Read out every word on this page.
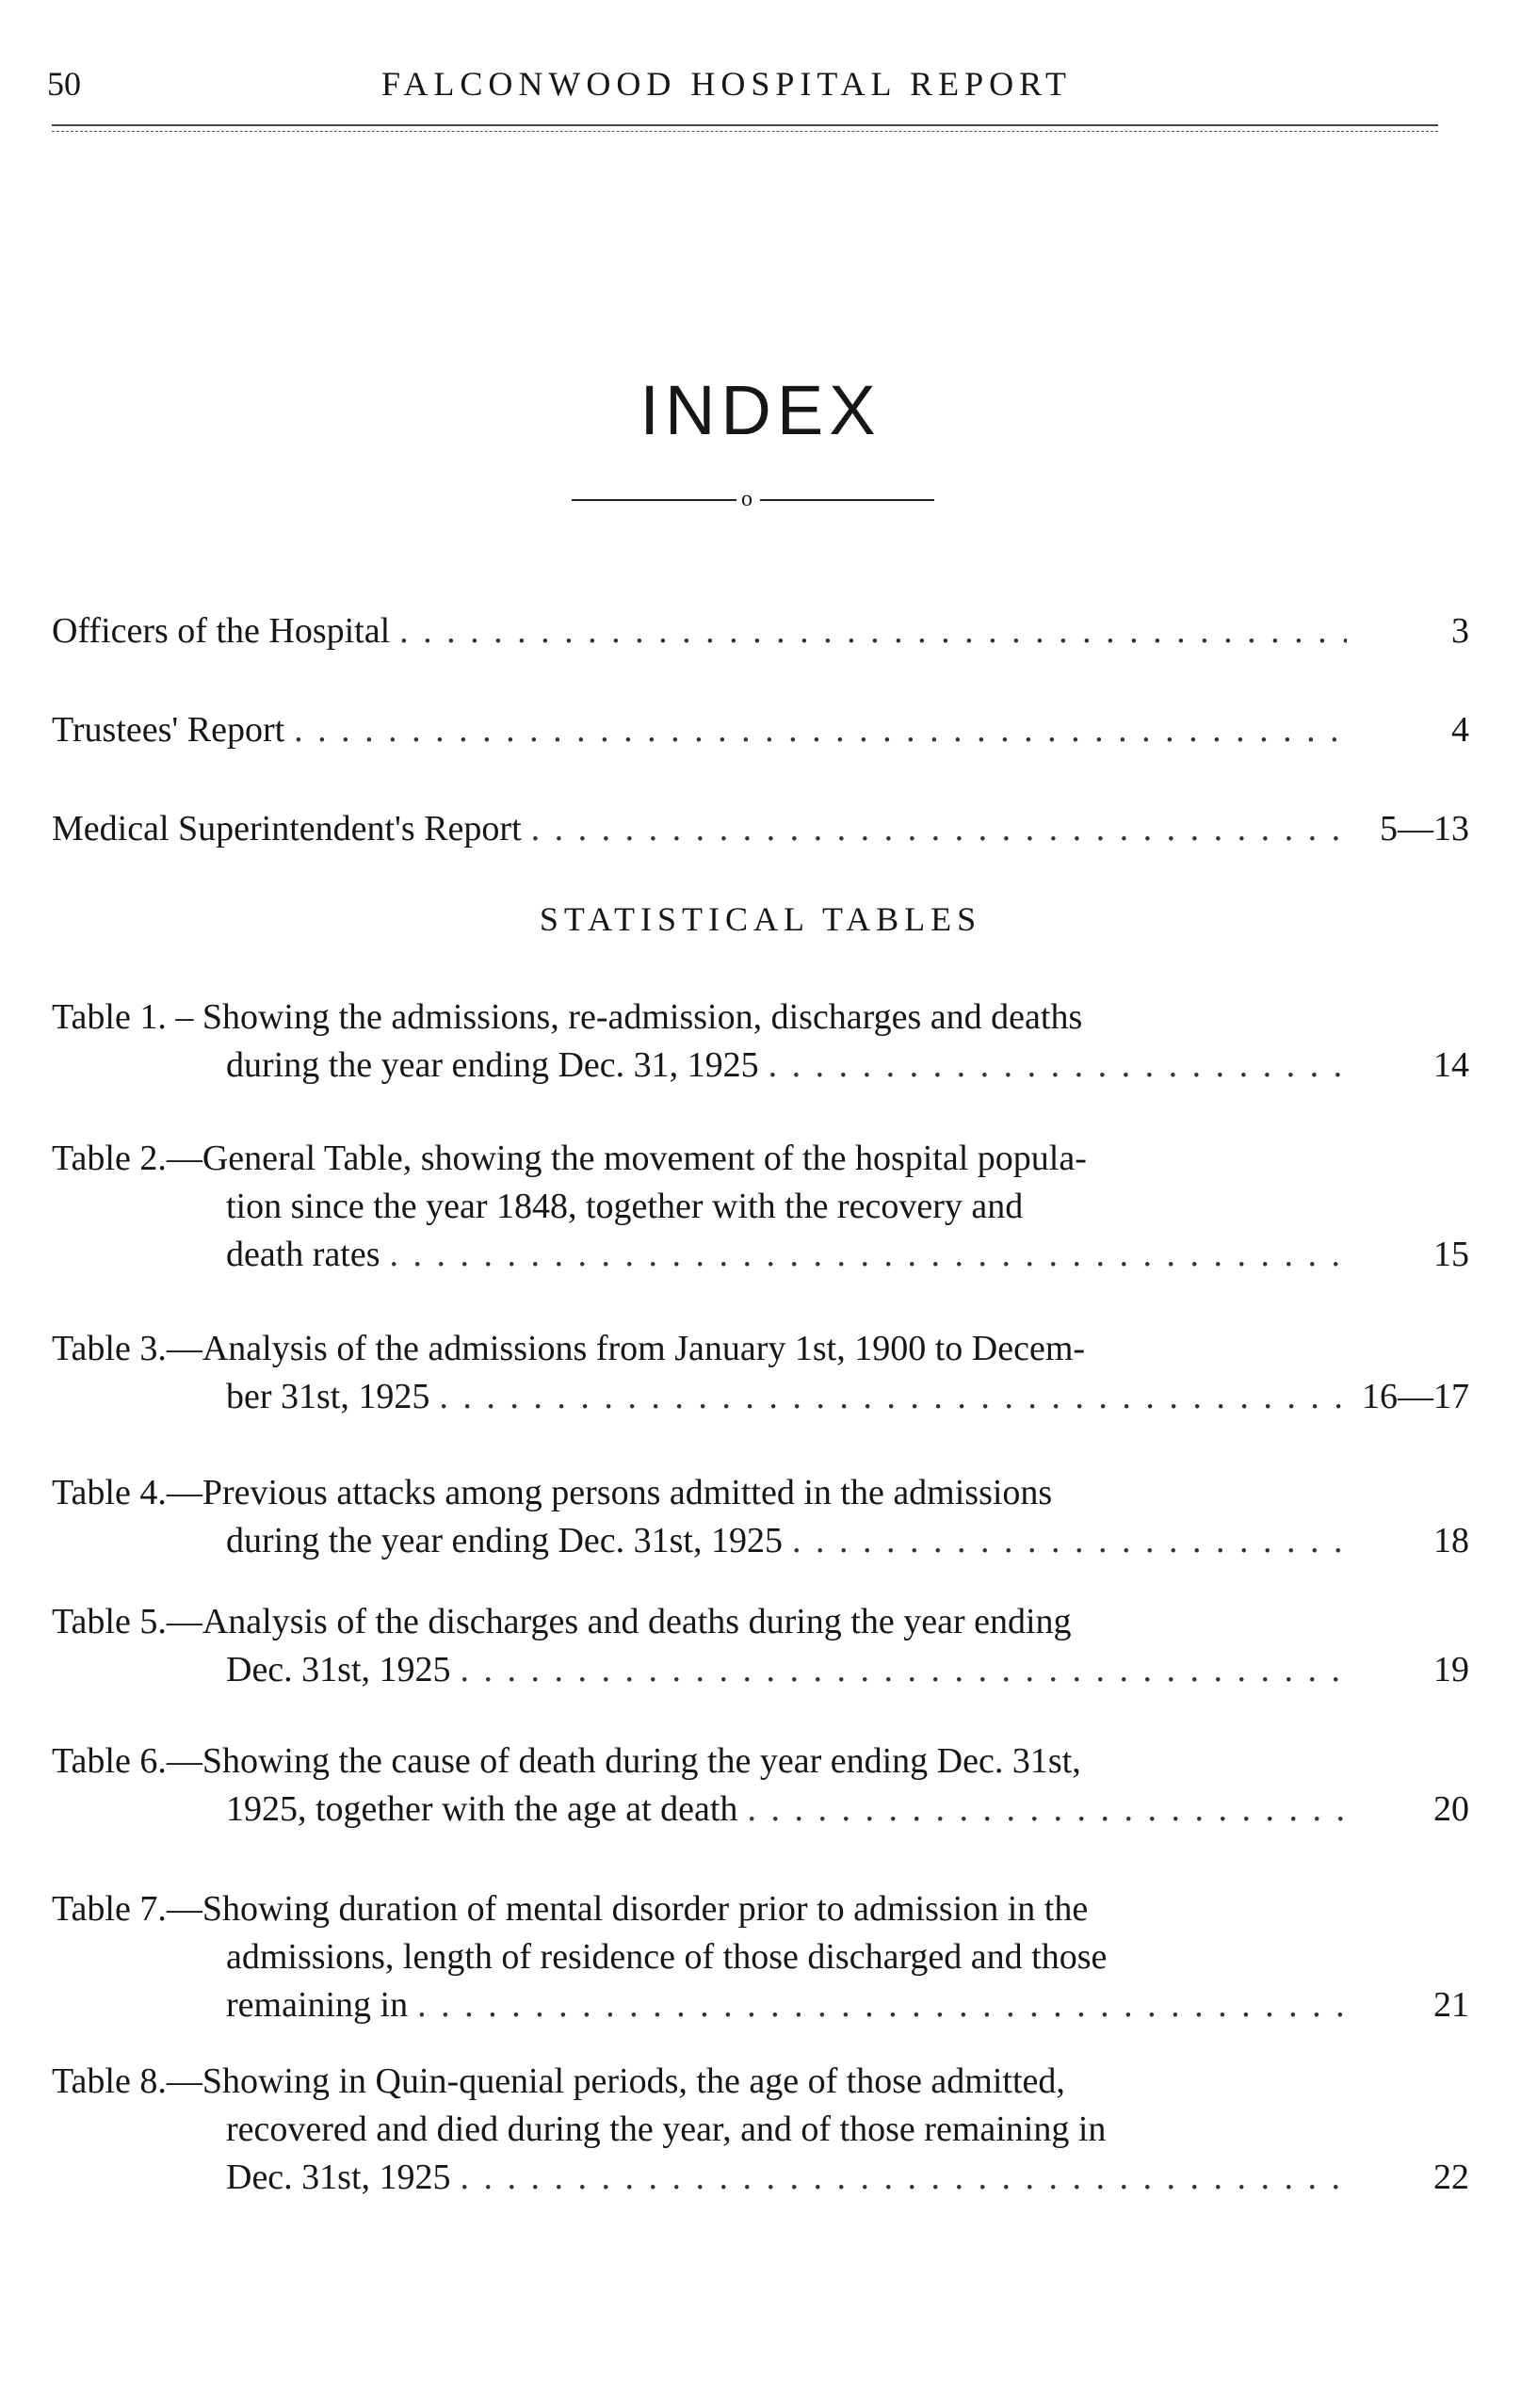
50	FALCONWOOD HOSPITAL REPORT
INDEX
o
Officers of the Hospital . . .	3
Trustees' Report . . .	4
Medical Superintendent's Report . . .	5—13
STATISTICAL TABLES
Table 1. – Showing the admissions, re-admission, discharges and deaths
during the year ending Dec. 31, 1925 . . .	14
Table 2.—General Table, showing the movement of the hospital popula-
tion since the year 1848, together with the recovery and
death rates . . .	15
Table 3.—Analysis of the admissions from January 1st, 1900 to Decem-
ber 31st, 1925 . . .	16—17
Table 4.—Previous attacks among persons admitted in the admissions
during the year ending Dec. 31st, 1925 . . .	18
Table 5.—Analysis of the discharges and deaths during the year ending
Dec. 31st, 1925 . . .	19
Table 6.—Showing the cause of death during the year ending Dec. 31st,
1925, together with the age at death . . .	20
Table 7.—Showing duration of mental disorder prior to admission in the
admissions, length of residence of those discharged and those
remaining in . . .	21
Table 8.—Showing in Quin-quenial periods, the age of those admitted,
recovered and died during the year, and of those remaining in
Dec. 31st, 1925 . . .	22
